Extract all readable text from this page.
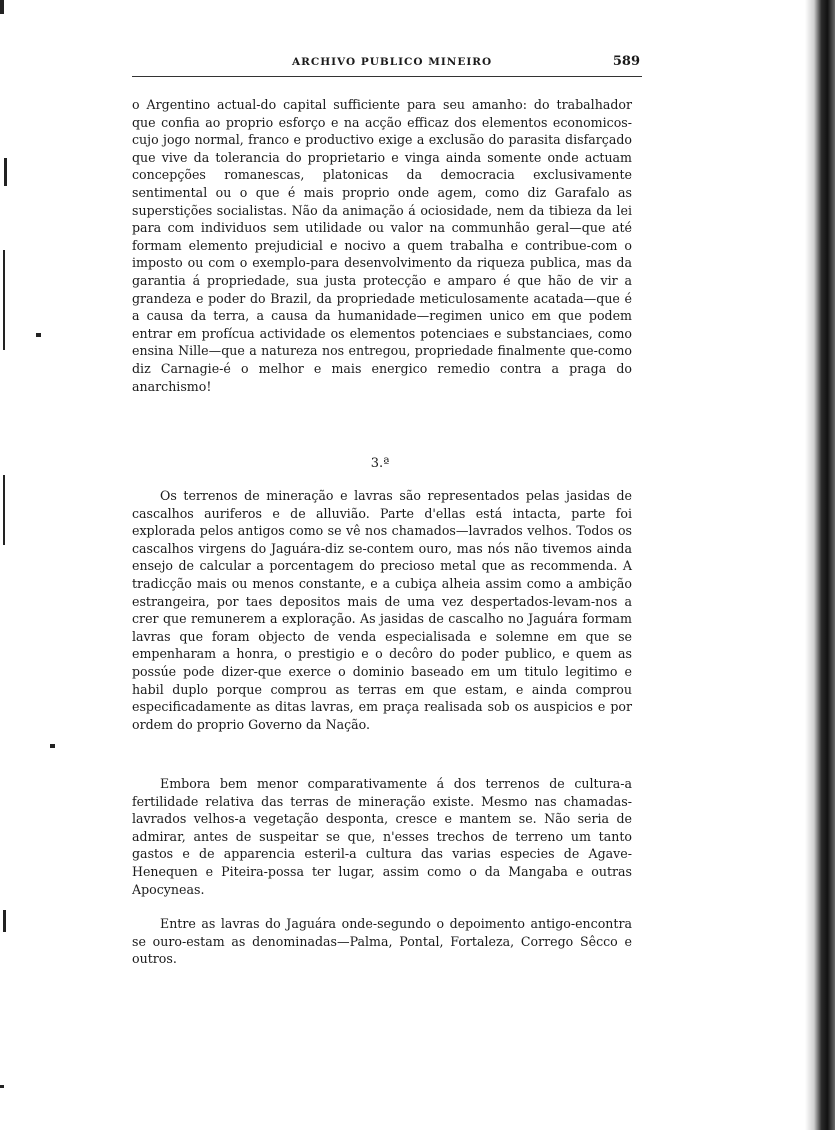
ARCHIVO PUBLICO MINEIRO	589

o Argentino actual-do capital sufficiente para seu amanho: do trabalhador que confia ao proprio esforço e na acção efficaz dos elementos economicos-cujo jogo normal, franco e productivo exige a exclusão do parasita disfarçado que vive da tolerancia do proprietario e vinga ainda somente onde actuam concepções romanescas, platonicas da democracia exclusivamente sentimental ou o que é mais proprio onde agem, como diz Garafalo as superstições socialistas. Não da animação á ociosidade, nem da tibieza da lei para com individuos sem utilidade ou valor na communhão geral—que até formam elemento prejudicial e nocivo a quem trabalha e contribue-com o imposto ou com o exemplo-para desenvolvimento da riqueza publica, mas da garantia á propriedade, sua justa protecção e amparo é que hão de vir a grandeza e poder do Brazil, da propriedade meticulosamente acatada—que é a causa da terra, a causa da humanidade—regimen unico em que podem entrar em profícua actividade os elementos potenciaes e substanciaes, como ensina Nille—que a natureza nos entregou, propriedade finalmente que-como diz Carnagie-é o melhor e mais energico remedio contra a praga do anarchismo!

3.ª

Os terrenos de mineração e lavras são representados pelas jasidas de cascalhos auriferos e de alluvião. Parte d'ellas está intacta, parte foi explorada pelos antigos como se vê nos chamados—lavrados velhos. Todos os cascalhos virgens do Jaguára-diz se-contem ouro, mas nós não tivemos ainda ensejo de calcular a porcentagem do precioso metal que as recommenda. A tradicção mais ou menos constante, e a cubiça alheia assim como a ambição estrangeira, por taes depositos mais de uma vez despertados-levam-nos a crer que remunerem a exploração. As jasidas de cascalho no Jaguára formam lavras que foram objecto de venda especialisada e solemne em que se empenharam a honra, o prestigio e o decôro do poder publico, e quem as possúe pode dizer-que exerce o dominio baseado em um titulo legitimo e habil duplo porque comprou as terras em que estam, e ainda comprou especificadamente as ditas lavras, em praça realisada sob os auspicios e por ordem do proprio Governo da Nação.

Embora bem menor comparativamente á dos terrenos de cultura-a fertilidade relativa das terras de mineração existe. Mesmo nas chamadas-lavrados velhos-a vegetação desponta, cresce e mantem se. Não seria de admirar, antes de suspeitar se que, n'esses trechos de terreno um tanto gastos e de apparencia esteril-a cultura das varias especies de Agave-Henequen e Piteira-possa ter lugar, assim como o da Mangaba e outras Apocyneas.

Entre as lavras do Jaguára onde-segundo o depoimento antigo-encontra se ouro-estam as denominadas—Palma, Pontal, Fortaleza, Corrego Sêcco e outros.
